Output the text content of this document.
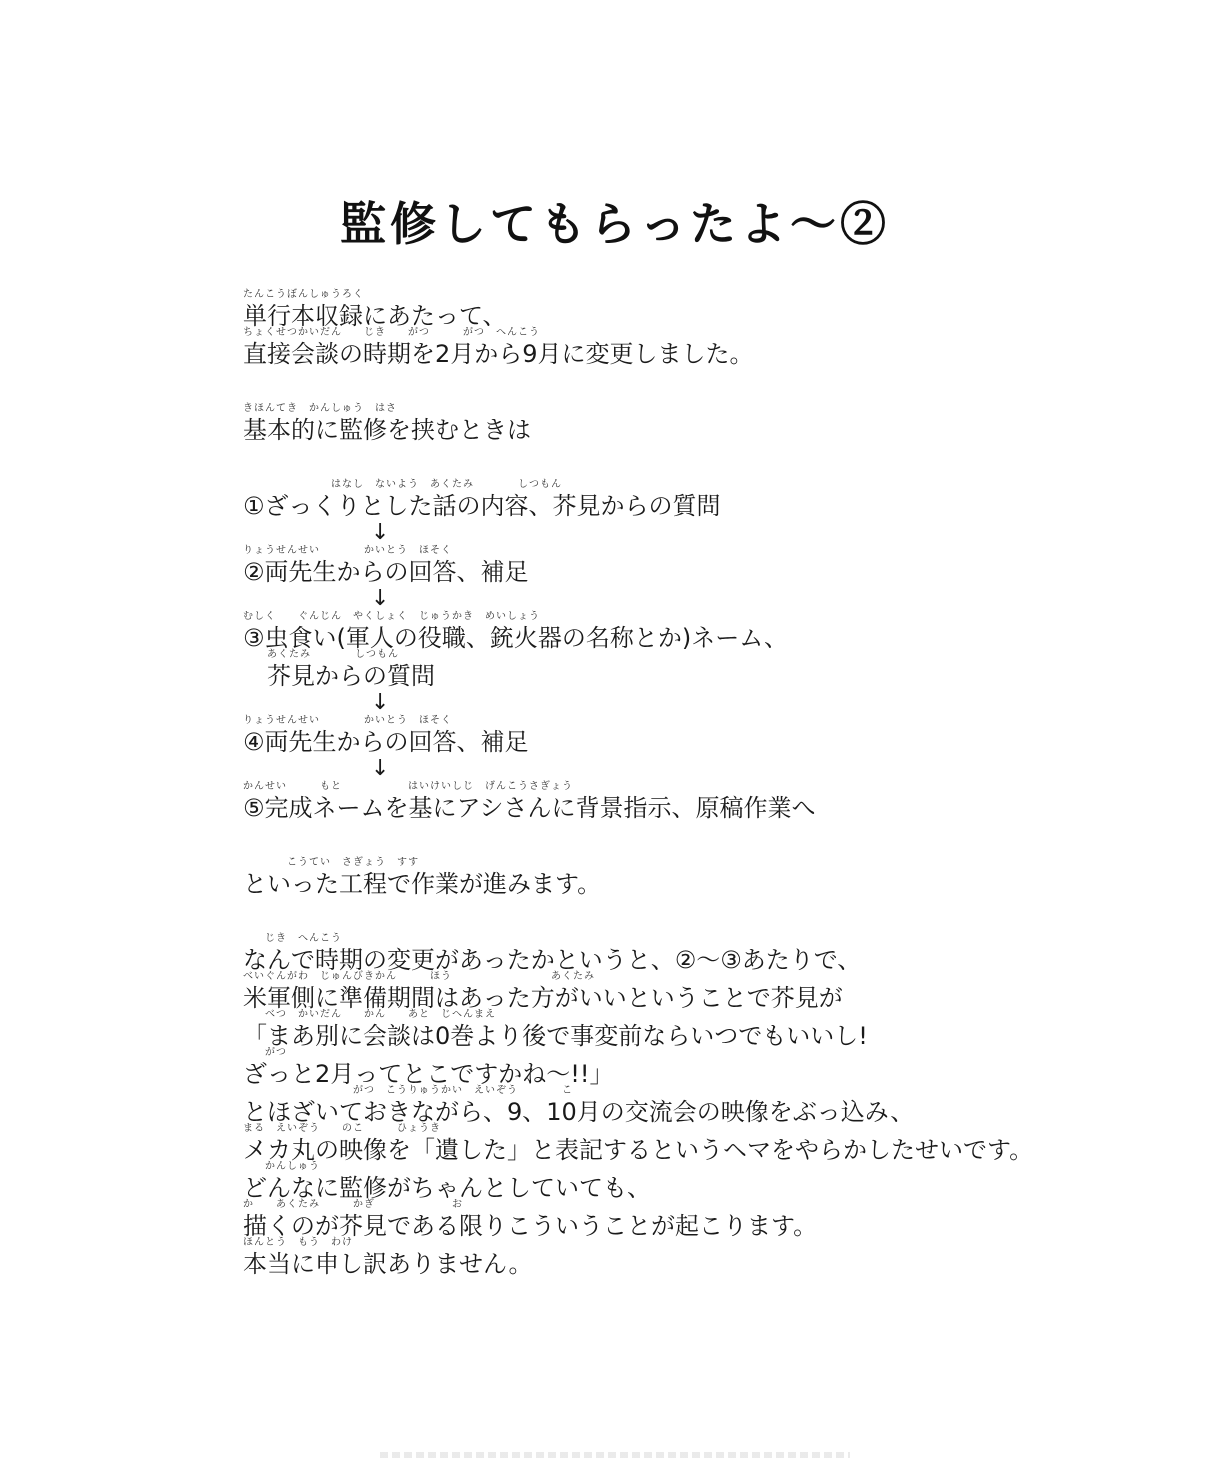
監修してもらったよ〜②
たんこうぼんしゅうろく
単行本収録にあたって、
ちょくせつかいだん　　じき　　がつ　　　がつ　へんこう
直接会談の時期を2月から9月に変更しました。
きほんてき　かんしゅう　はさ
基本的に監修を挟むときは
　　　　　　　　はなし　ないよう　あくたみ　　　　しつもん
①ざっくりとした話の内容、芥見からの質問
↓
りょうせんせい　　　　かいとう　ほそく
②両先生からの回答、補足
↓
むしく　　ぐんじん　やくしょく　じゅうかき　めいしょう
③虫食い(軍人の役職、銃火器の名称とか)ネーム、
あくたみ　　　　しつもん
芥見からの質問
↓
りょうせんせい　　　　かいとう　ほそく
④両先生からの回答、補足
↓
かんせい　　　もと　　　　　　はいけいしじ　げんこうさぎょう
⑤完成ネームを基にアシさんに背景指示、原稿作業へ
　　　　こうてい　さぎょう　すす
といった工程で作業が進みます。
　　じき　へんこう
なんで時期の変更があったかというと、②〜③あたりで、
べいぐんがわ　じゅんびきかん　　　ほう　　　　　　　　　あくたみ
米軍側に準備期間はあった方がいいということで芥見が
　　べつ　かいだん　　かん　　あと　じへんまえ
「まあ別に会談は0巻より後で事変前ならいつでもいいし!
　　がつ
ざっと2月ってとこですかね〜!!」
　　　　　　　　　　がつ　こうりゅうかい　えいぞう　　　　こ
とほざいておきながら、9、10月の交流会の映像をぶっ込み、
まる　えいぞう　　のこ　　　ひょうき
メカ丸の映像を「遺した」と表記するというヘマをやらかしたせいです。
　　かんしゅう
どんなに監修がちゃんとしていても、
か　　あくたみ　　　かぎ　　　　　　　お
描くのが芥見である限りこういうことが起こります。
ほんとう　もう　わけ
本当に申し訳ありません。
